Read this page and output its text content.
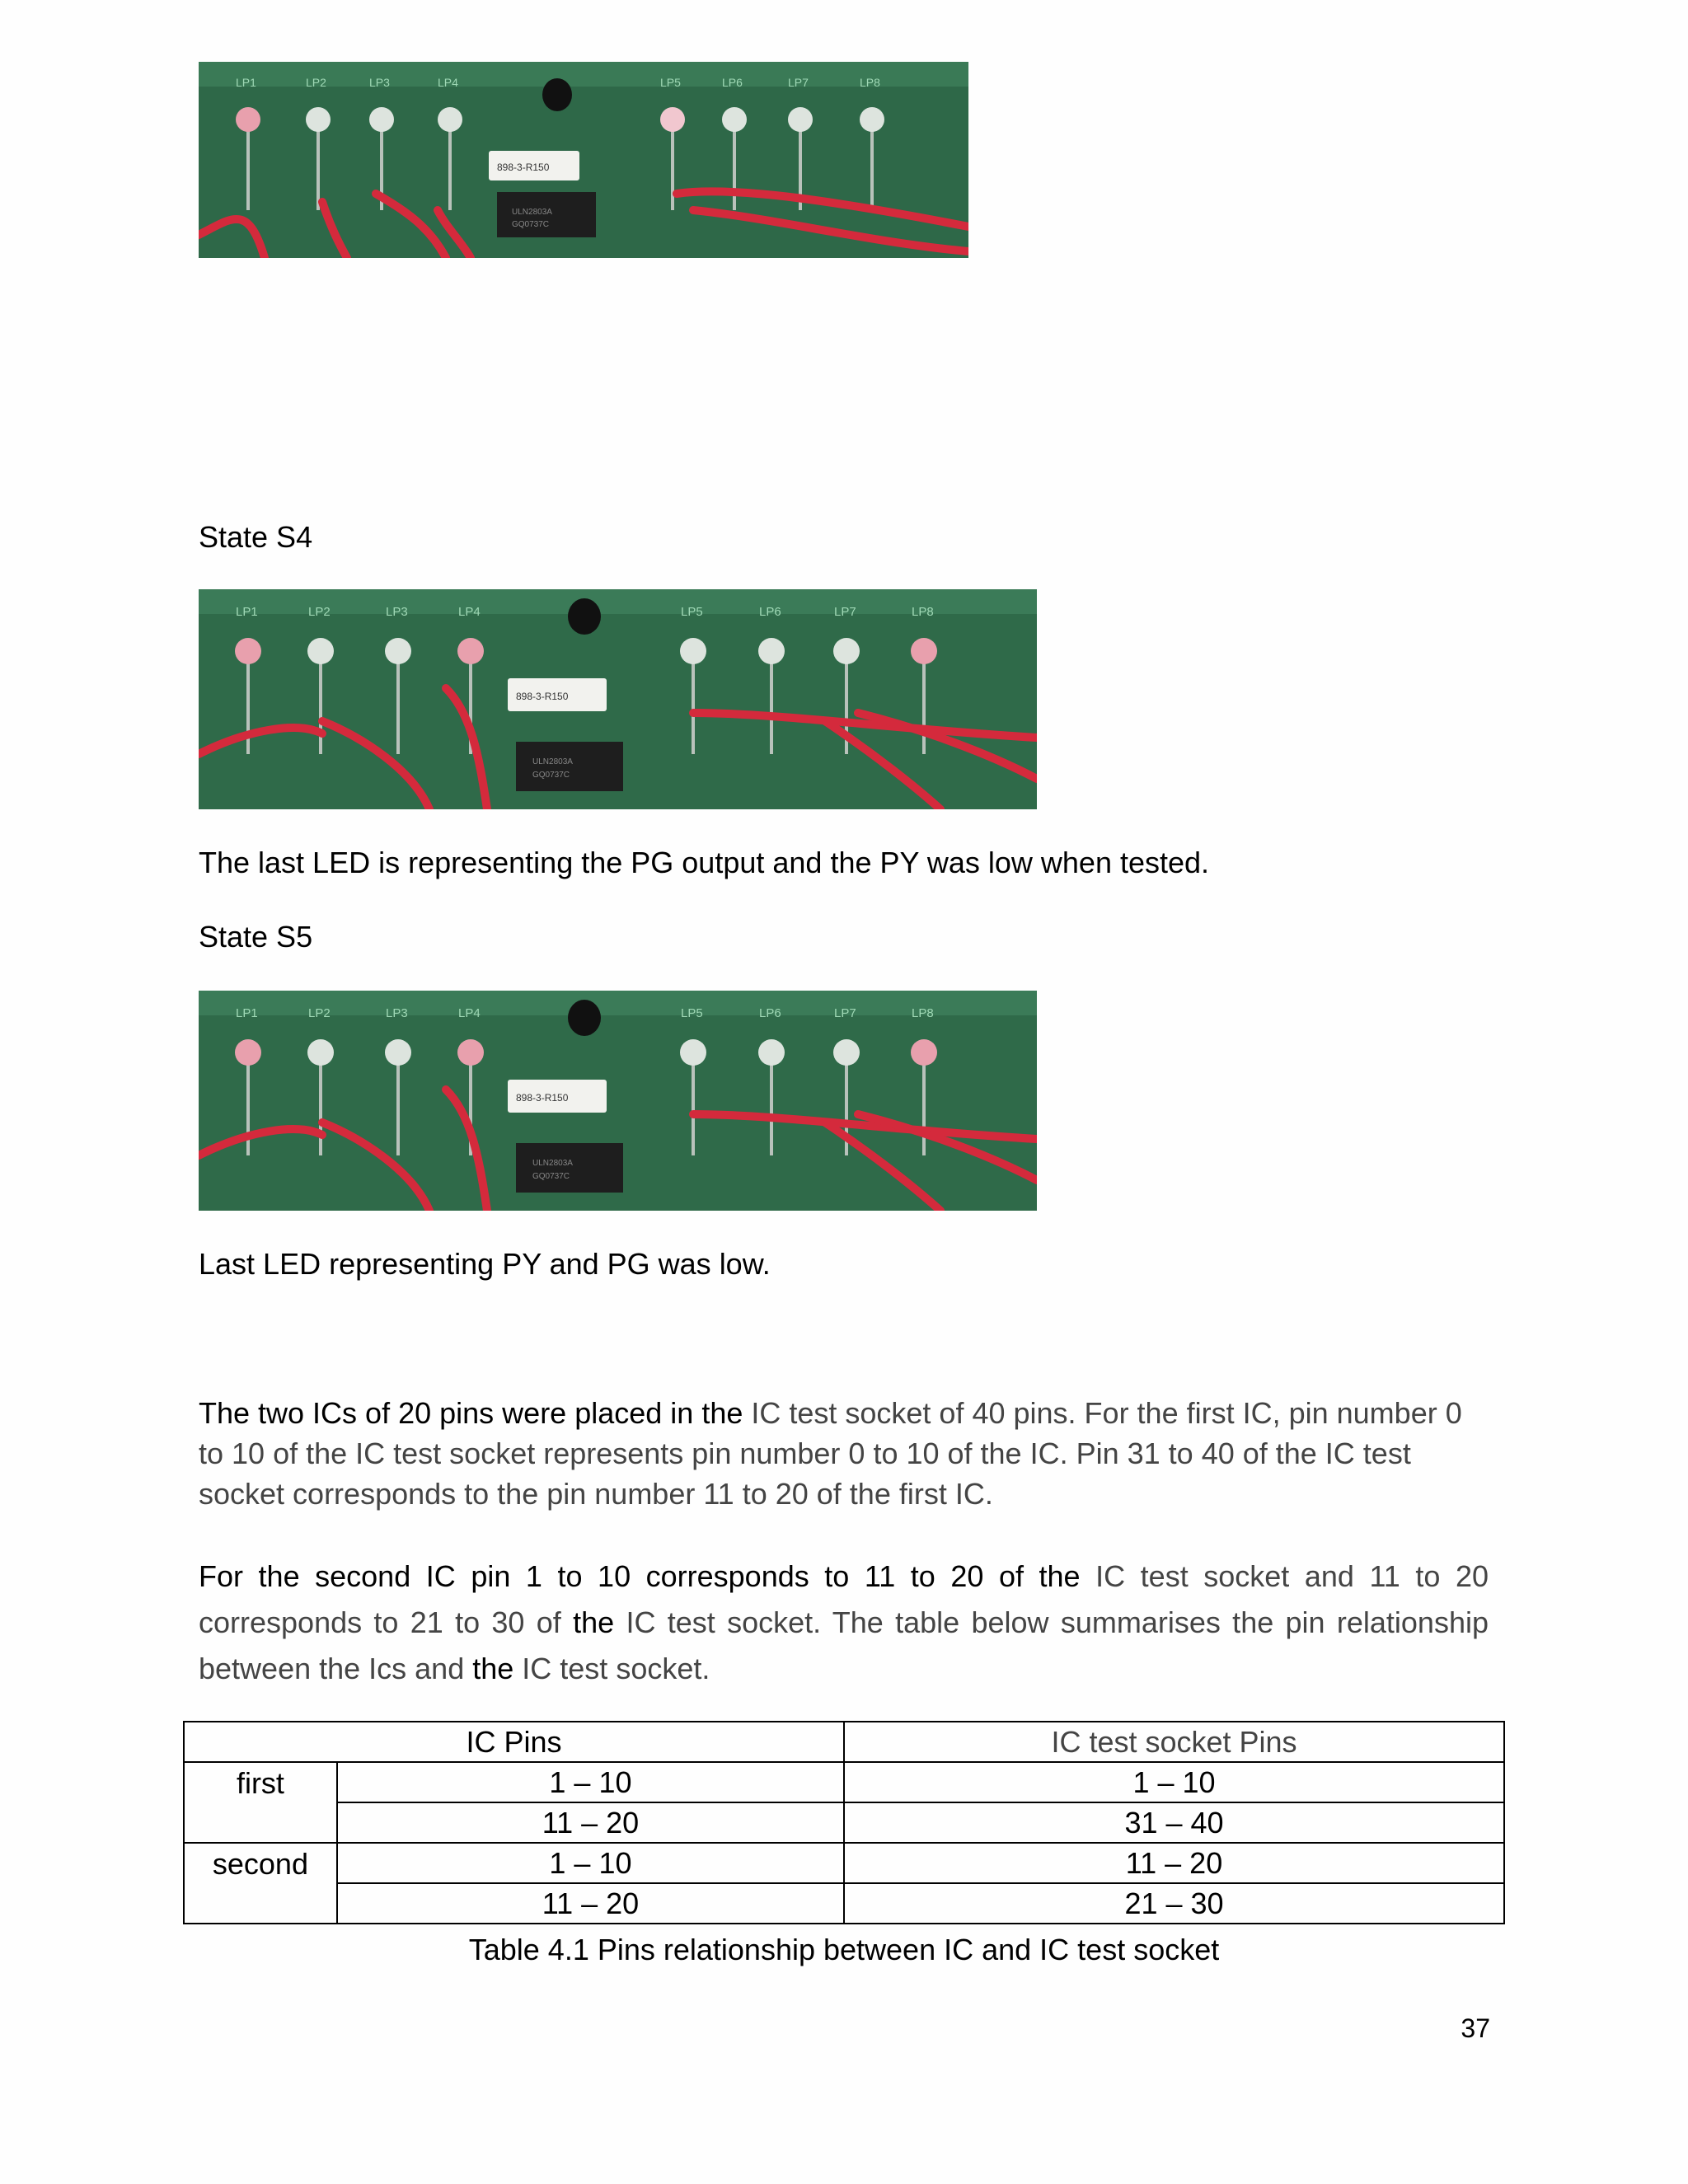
898-3-R150
ULN2803A
GQ0737C
LP1	LP2	LP3	LP4	LP5	LP6	LP7	LP8
State S4
898-3-R150
ULN2803A
GQ0737C
LP1	LP2	LP3	LP4	LP5	LP6	LP7	LP8
The last LED is representing the PG output and the PY was low when tested.
State S5
898-3-R150
ULN2803A
GQ0737C
LP1	LP2	LP3	LP4	LP5	LP6	LP7	LP8
Last LED representing PY and PG was low.
The two ICs of 20 pins were placed in the IC test socket of 40 pins. For the first IC, pin number 0
to 10 of the IC test socket represents pin number 0 to 10 of the IC. Pin 31 to 40 of the IC test
socket corresponds to the pin number 11 to 20 of the first IC.
For the second IC pin 1 to 10 corresponds to 11 to 20 of the IC test socket and 11 to 20
corresponds to 21 to 30 of the IC test socket. The table below summarises the pin relationship
between the Ics and the IC test socket.
IC Pins		IC test socket Pins
first	1 – 10	1 – 10
	11 – 20	31 – 40
second	1 – 10	11 – 20
	11 – 20	21 – 30
Table 4.1 Pins relationship between IC and IC test socket
37
